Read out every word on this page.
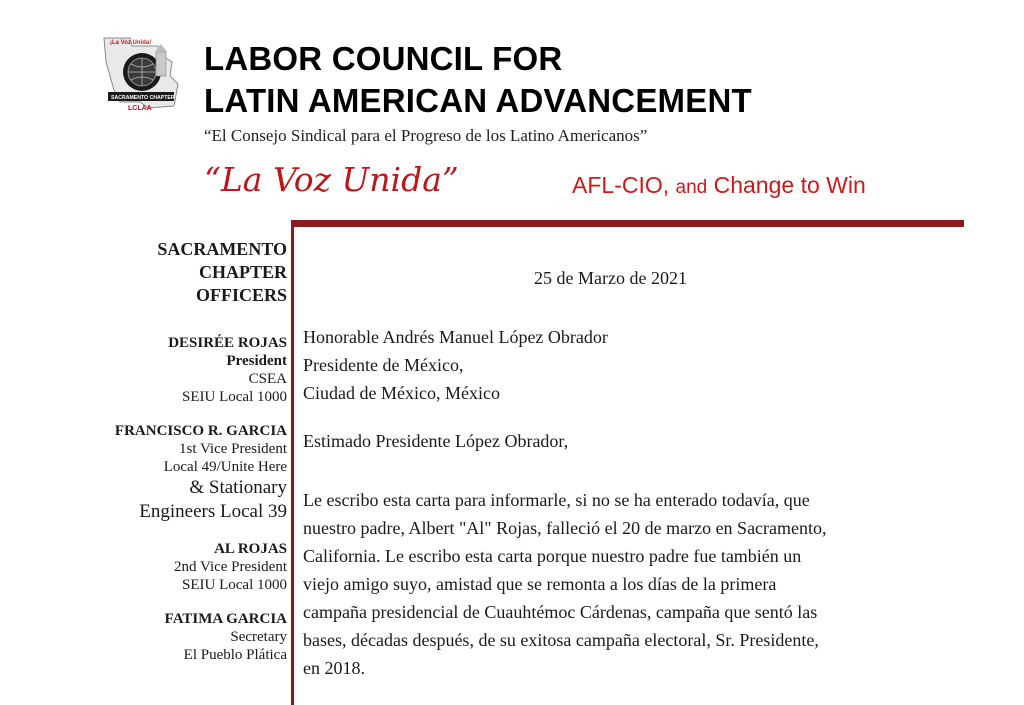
¡La Voz Unida!
SACRAMENTO CHAPTER
LCLAA
LABOR COUNCIL FOR
LATIN AMERICAN ADVANCEMENT
“El Consejo Sindical para el Progreso de los Latino Americanos”
“La Voz Unida”	AFL-CIO, and Change to Win
SACRAMENTO
CHAPTER
OFFICERS
DESIRÉE ROJAS
President
CSEA
SEIU Local 1000
FRANCISCO R. GARCIA
1st Vice President
Local 49/Unite Here
& Stationary
Engineers Local 39
AL ROJAS
2nd Vice President
SEIU Local 1000
FATIMA GARCIA
Secretary
El Pueblo Plática
25 de Marzo de 2021
Honorable Andrés Manuel López Obrador
Presidente de México,
Ciudad de México, México
Estimado Presidente López Obrador,
Le escribo esta carta para informarle, si no se ha enterado todavía, que
nuestro padre, Albert "Al" Rojas, falleció el 20 de marzo en Sacramento,
California. Le escribo esta carta porque nuestro padre fue también un
viejo amigo suyo, amistad que se remonta a los días de la primera
campaña presidencial de Cuauhtémoc Cárdenas, campaña que sentó las
bases, décadas después, de su exitosa campaña electoral, Sr. Presidente,
en 2018.
